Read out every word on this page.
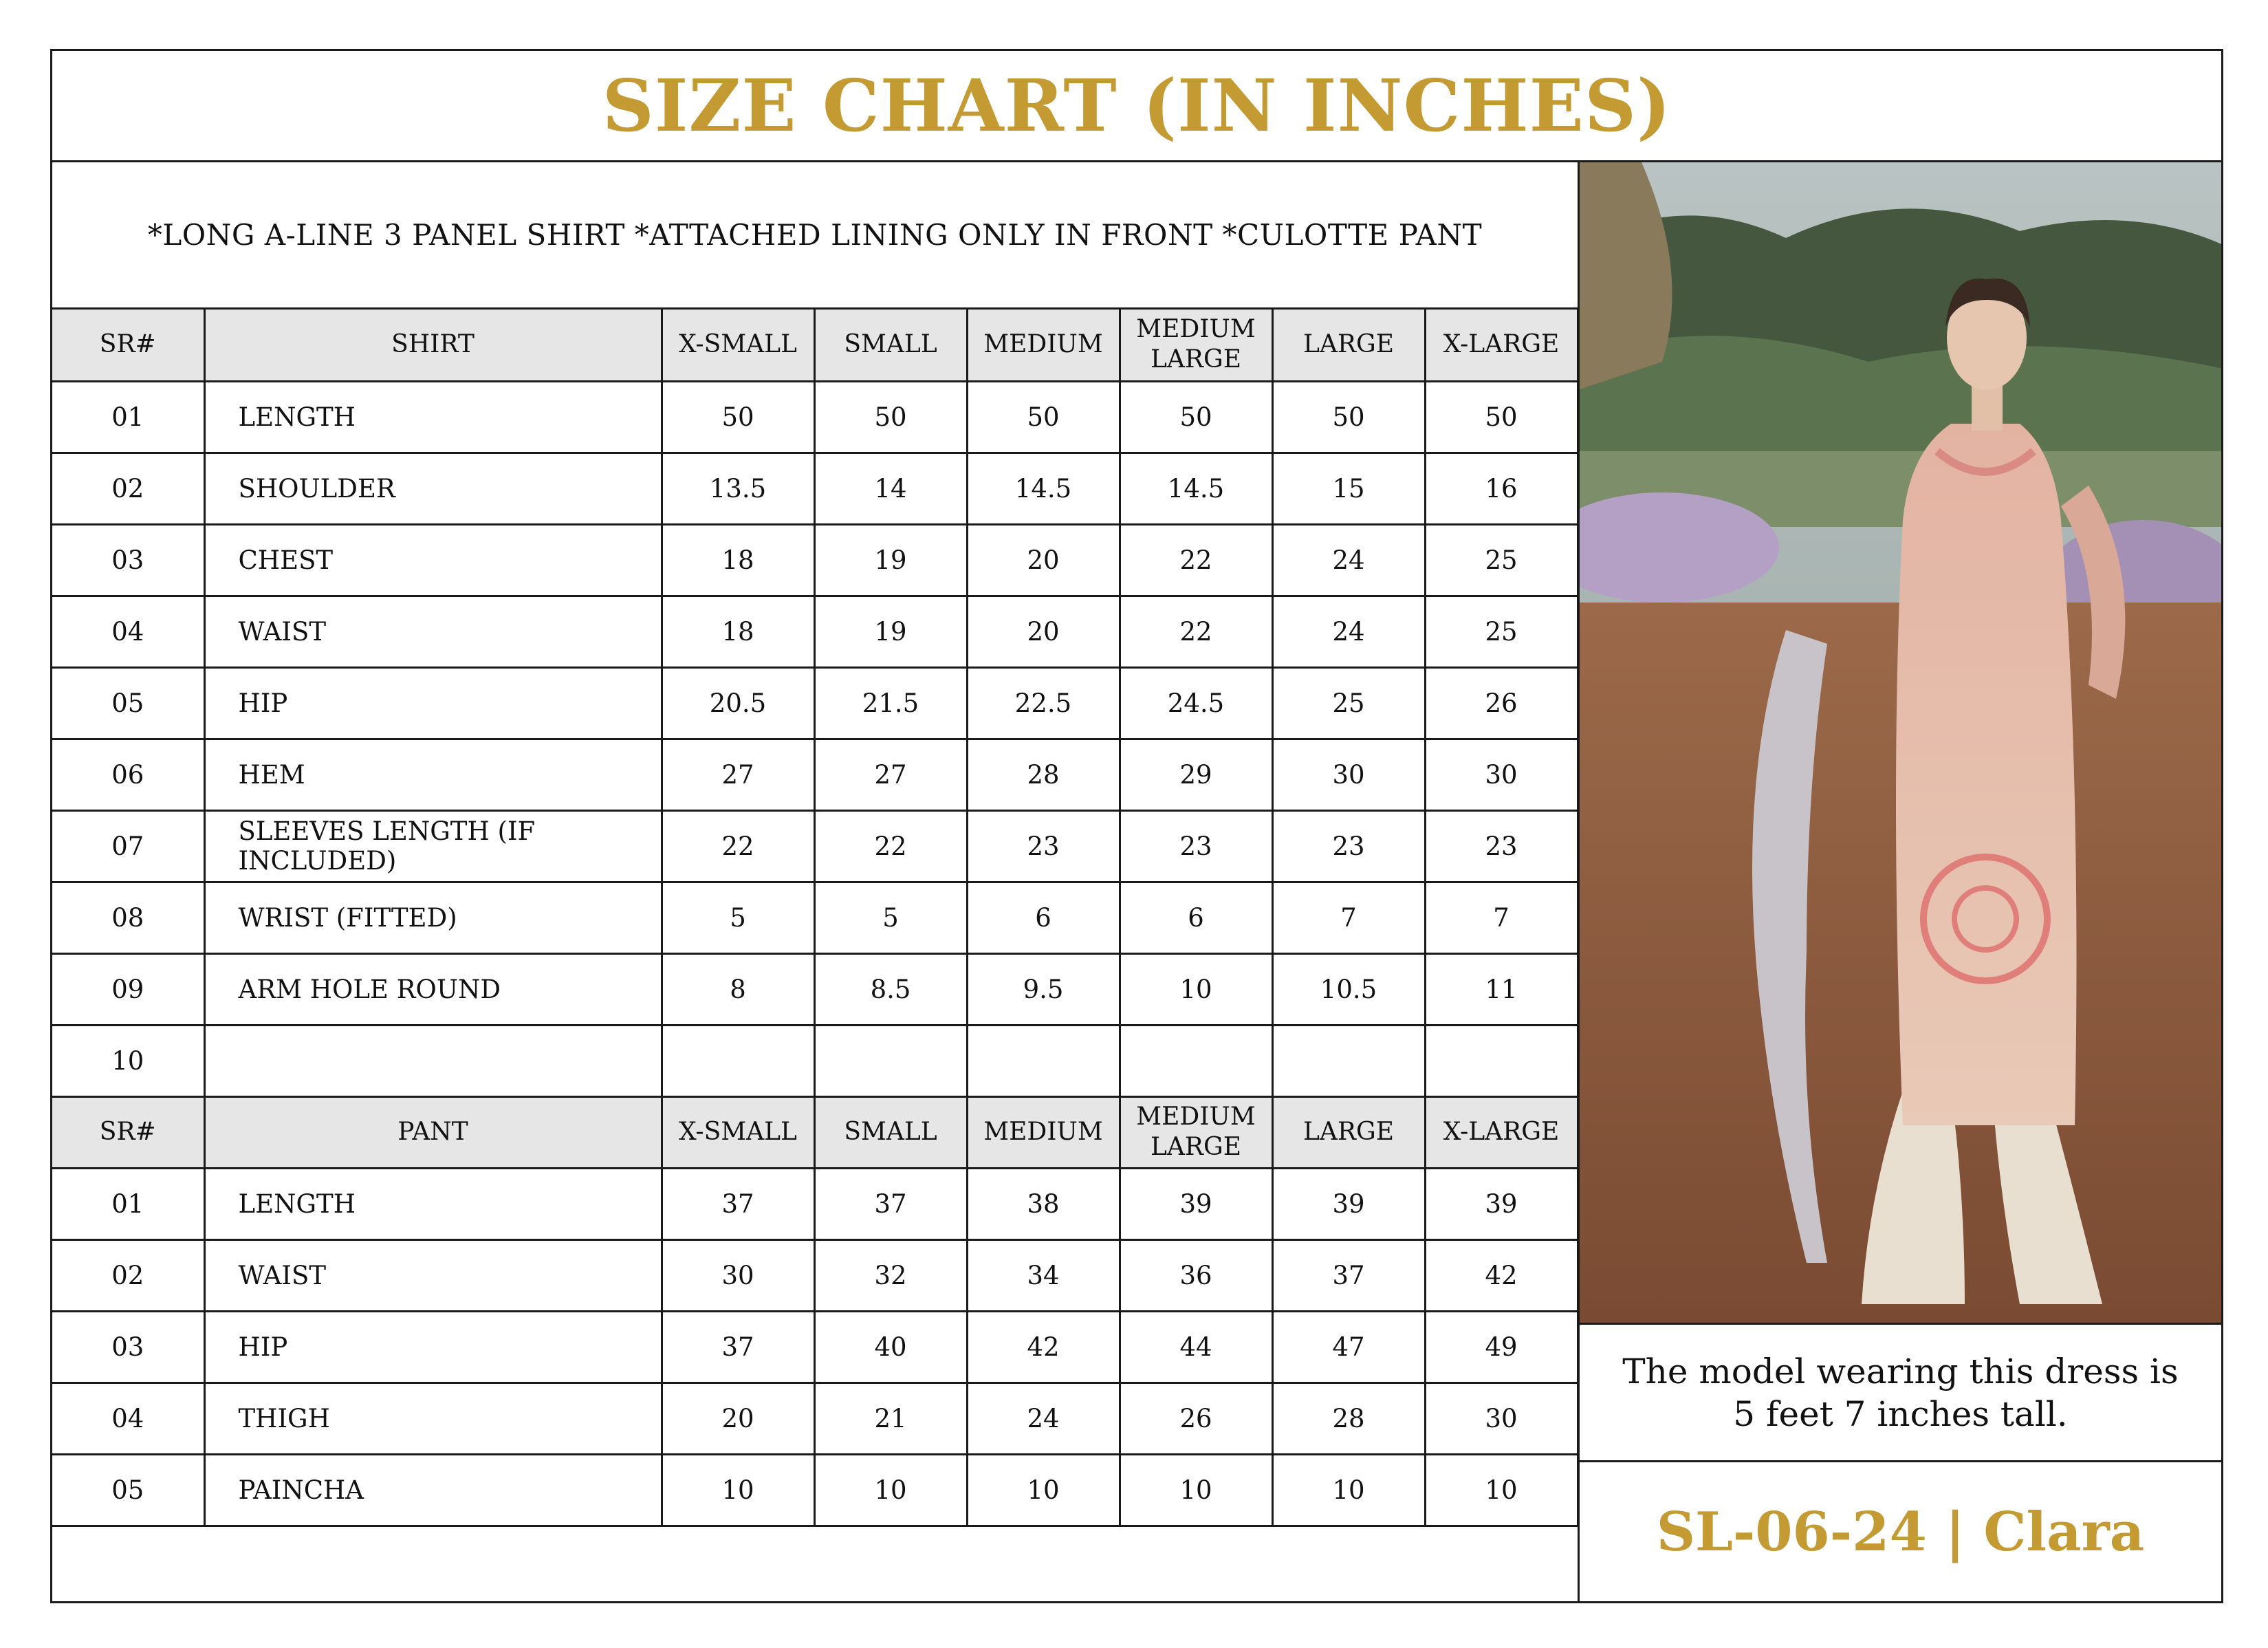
SIZE CHART (IN INCHES)
*LONG A-LINE 3 PANEL SHIRT *ATTACHED LINING ONLY IN FRONT *CULOTTE PANT
SR#	SHIRT	X-SMALL	SMALL	MEDIUM	MEDIUM LARGE	LARGE	X-LARGE
01	LENGTH	50	50	50	50	50	50
02	SHOULDER	13.5	14	14.5	14.5	15	16
03	CHEST	18	19	20	22	24	25
04	WAIST	18	19	20	22	24	25
05	HIP	20.5	21.5	22.5	24.5	25	26
06	HEM	27	27	28	29	30	30
07	SLEEVES LENGTH (IF INCLUDED)	22	22	23	23	23	23
08	WRIST (FITTED)	5	5	6	6	7	7
09	ARM HOLE ROUND	8	8.5	9.5	10	10.5	11
10							
SR#	PANT	X-SMALL	SMALL	MEDIUM	MEDIUM LARGE	LARGE	X-LARGE
01	LENGTH	37	37	38	39	39	39
02	WAIST	30	32	34	36	37	42
03	HIP	37	40	42	44	47	49
04	THIGH	20	21	24	26	28	30
05	PAINCHA	10	10	10	10	10	10
The model wearing this dress is
5 feet 7 inches tall.
SL-06-24 | Clara
